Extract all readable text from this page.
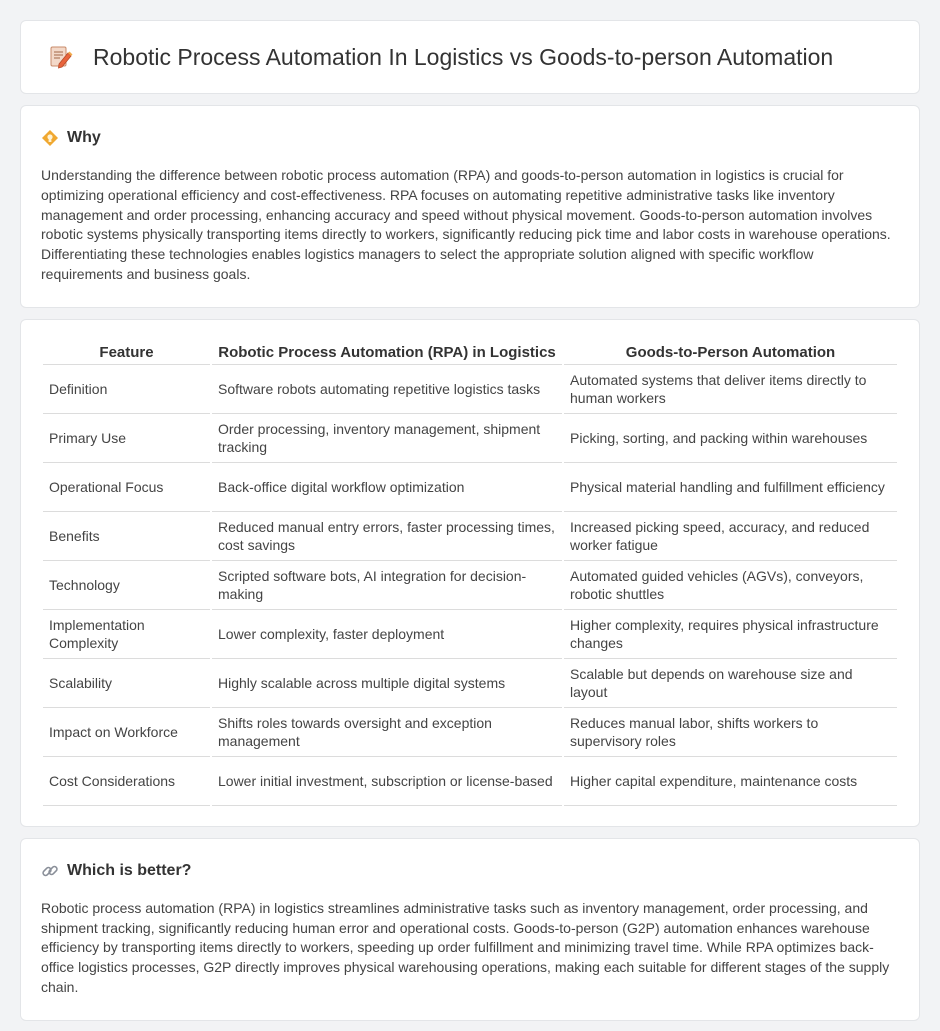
Robotic Process Automation In Logistics vs Goods-to-person Automation
Why

Understanding the difference between robotic process automation (RPA) and goods-to-person automation in logistics is crucial for optimizing operational efficiency and cost-effectiveness. RPA focuses on automating repetitive administrative tasks like inventory management and order processing, enhancing accuracy and speed without physical movement. Goods-to-person automation involves robotic systems physically transporting items directly to workers, significantly reducing pick time and labor costs in warehouse operations. Differentiating these technologies enables logistics managers to select the appropriate solution aligned with specific workflow requirements and business goals.

Feature	Robotic Process Automation (RPA) in Logistics	Goods-to-Person Automation
Definition	Software robots automating repetitive logistics tasks	Automated systems that deliver items directly to human workers
Primary Use	Order processing, inventory management, shipment tracking	Picking, sorting, and packing within warehouses
Operational Focus	Back-office digital workflow optimization	Physical material handling and fulfillment efficiency
Benefits	Reduced manual entry errors, faster processing times, cost savings	Increased picking speed, accuracy, and reduced worker fatigue
Technology	Scripted software bots, AI integration for decision-making	Automated guided vehicles (AGVs), conveyors, robotic shuttles
Implementation Complexity	Lower complexity, faster deployment	Higher complexity, requires physical infrastructure changes
Scalability	Highly scalable across multiple digital systems	Scalable but depends on warehouse size and layout
Impact on Workforce	Shifts roles towards oversight and exception management	Reduces manual labor, shifts workers to supervisory roles
Cost Considerations	Lower initial investment, subscription or license-based	Higher capital expenditure, maintenance costs
Which is better?

Robotic process automation (RPA) in logistics streamlines administrative tasks such as inventory management, order processing, and shipment tracking, significantly reducing human error and operational costs. Goods-to-person (G2P) automation enhances warehouse efficiency by transporting items directly to workers, speeding up order fulfillment and minimizing travel time. While RPA optimizes back-office logistics processes, G2P directly improves physical warehousing operations, making each suitable for different stages of the supply chain.
